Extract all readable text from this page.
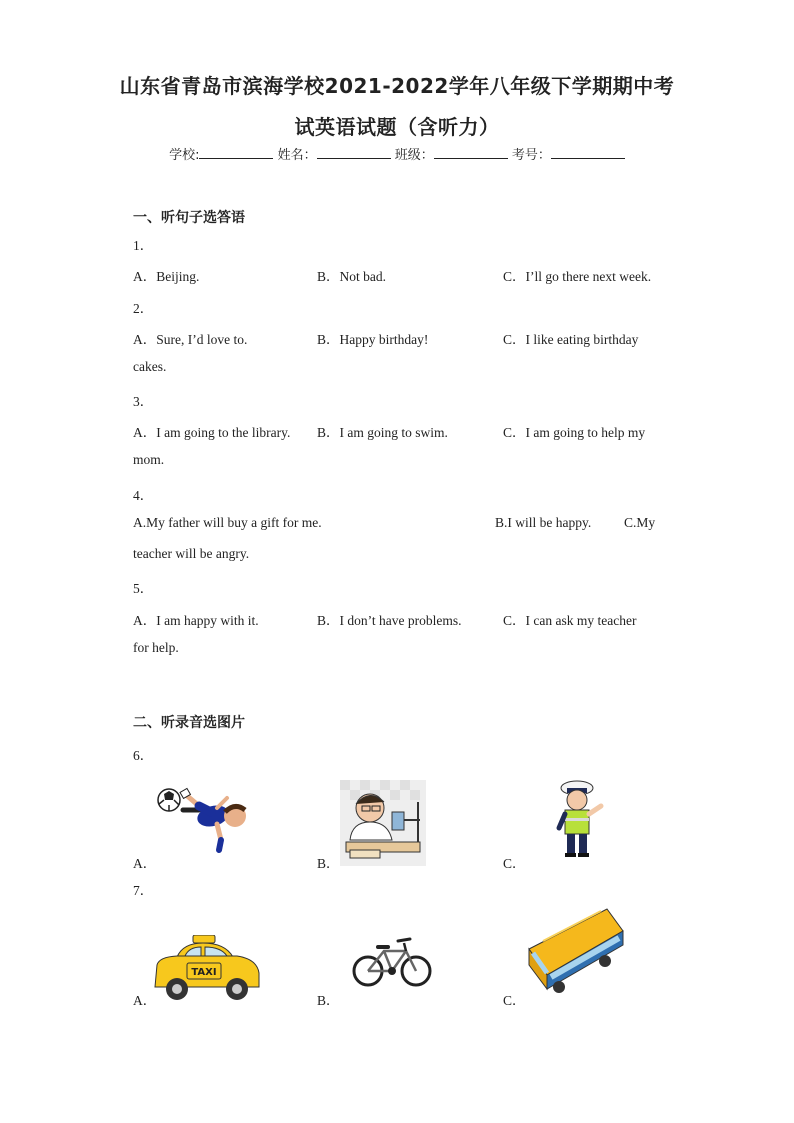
山东省青岛市滨海学校2021-2022学年八年级下学期期中考
试英语试题（含听力）
学校:	姓名：	班级：	考号：
一、听句子选答语
1．
A．Beijing.	B．Not bad.	C．I’ll go there next week.
2．
A．Sure, I’d love to.	B．Happy birthday!	C．I like eating birthday
cakes.
3．
A．I am going to the library. B．I am going to swim.	C．I am going to help my
mom.
4．
A.My father will buy a gift for me.	B.I will be happy. C.My
teacher will be angry.
5．
A．I am happy with it.	B．I don’t have problems.	C．I can ask my teacher
for help.
二、听录音选图片
6．
A．	B．	C．
7．
A．	B．	C．
TAXI
